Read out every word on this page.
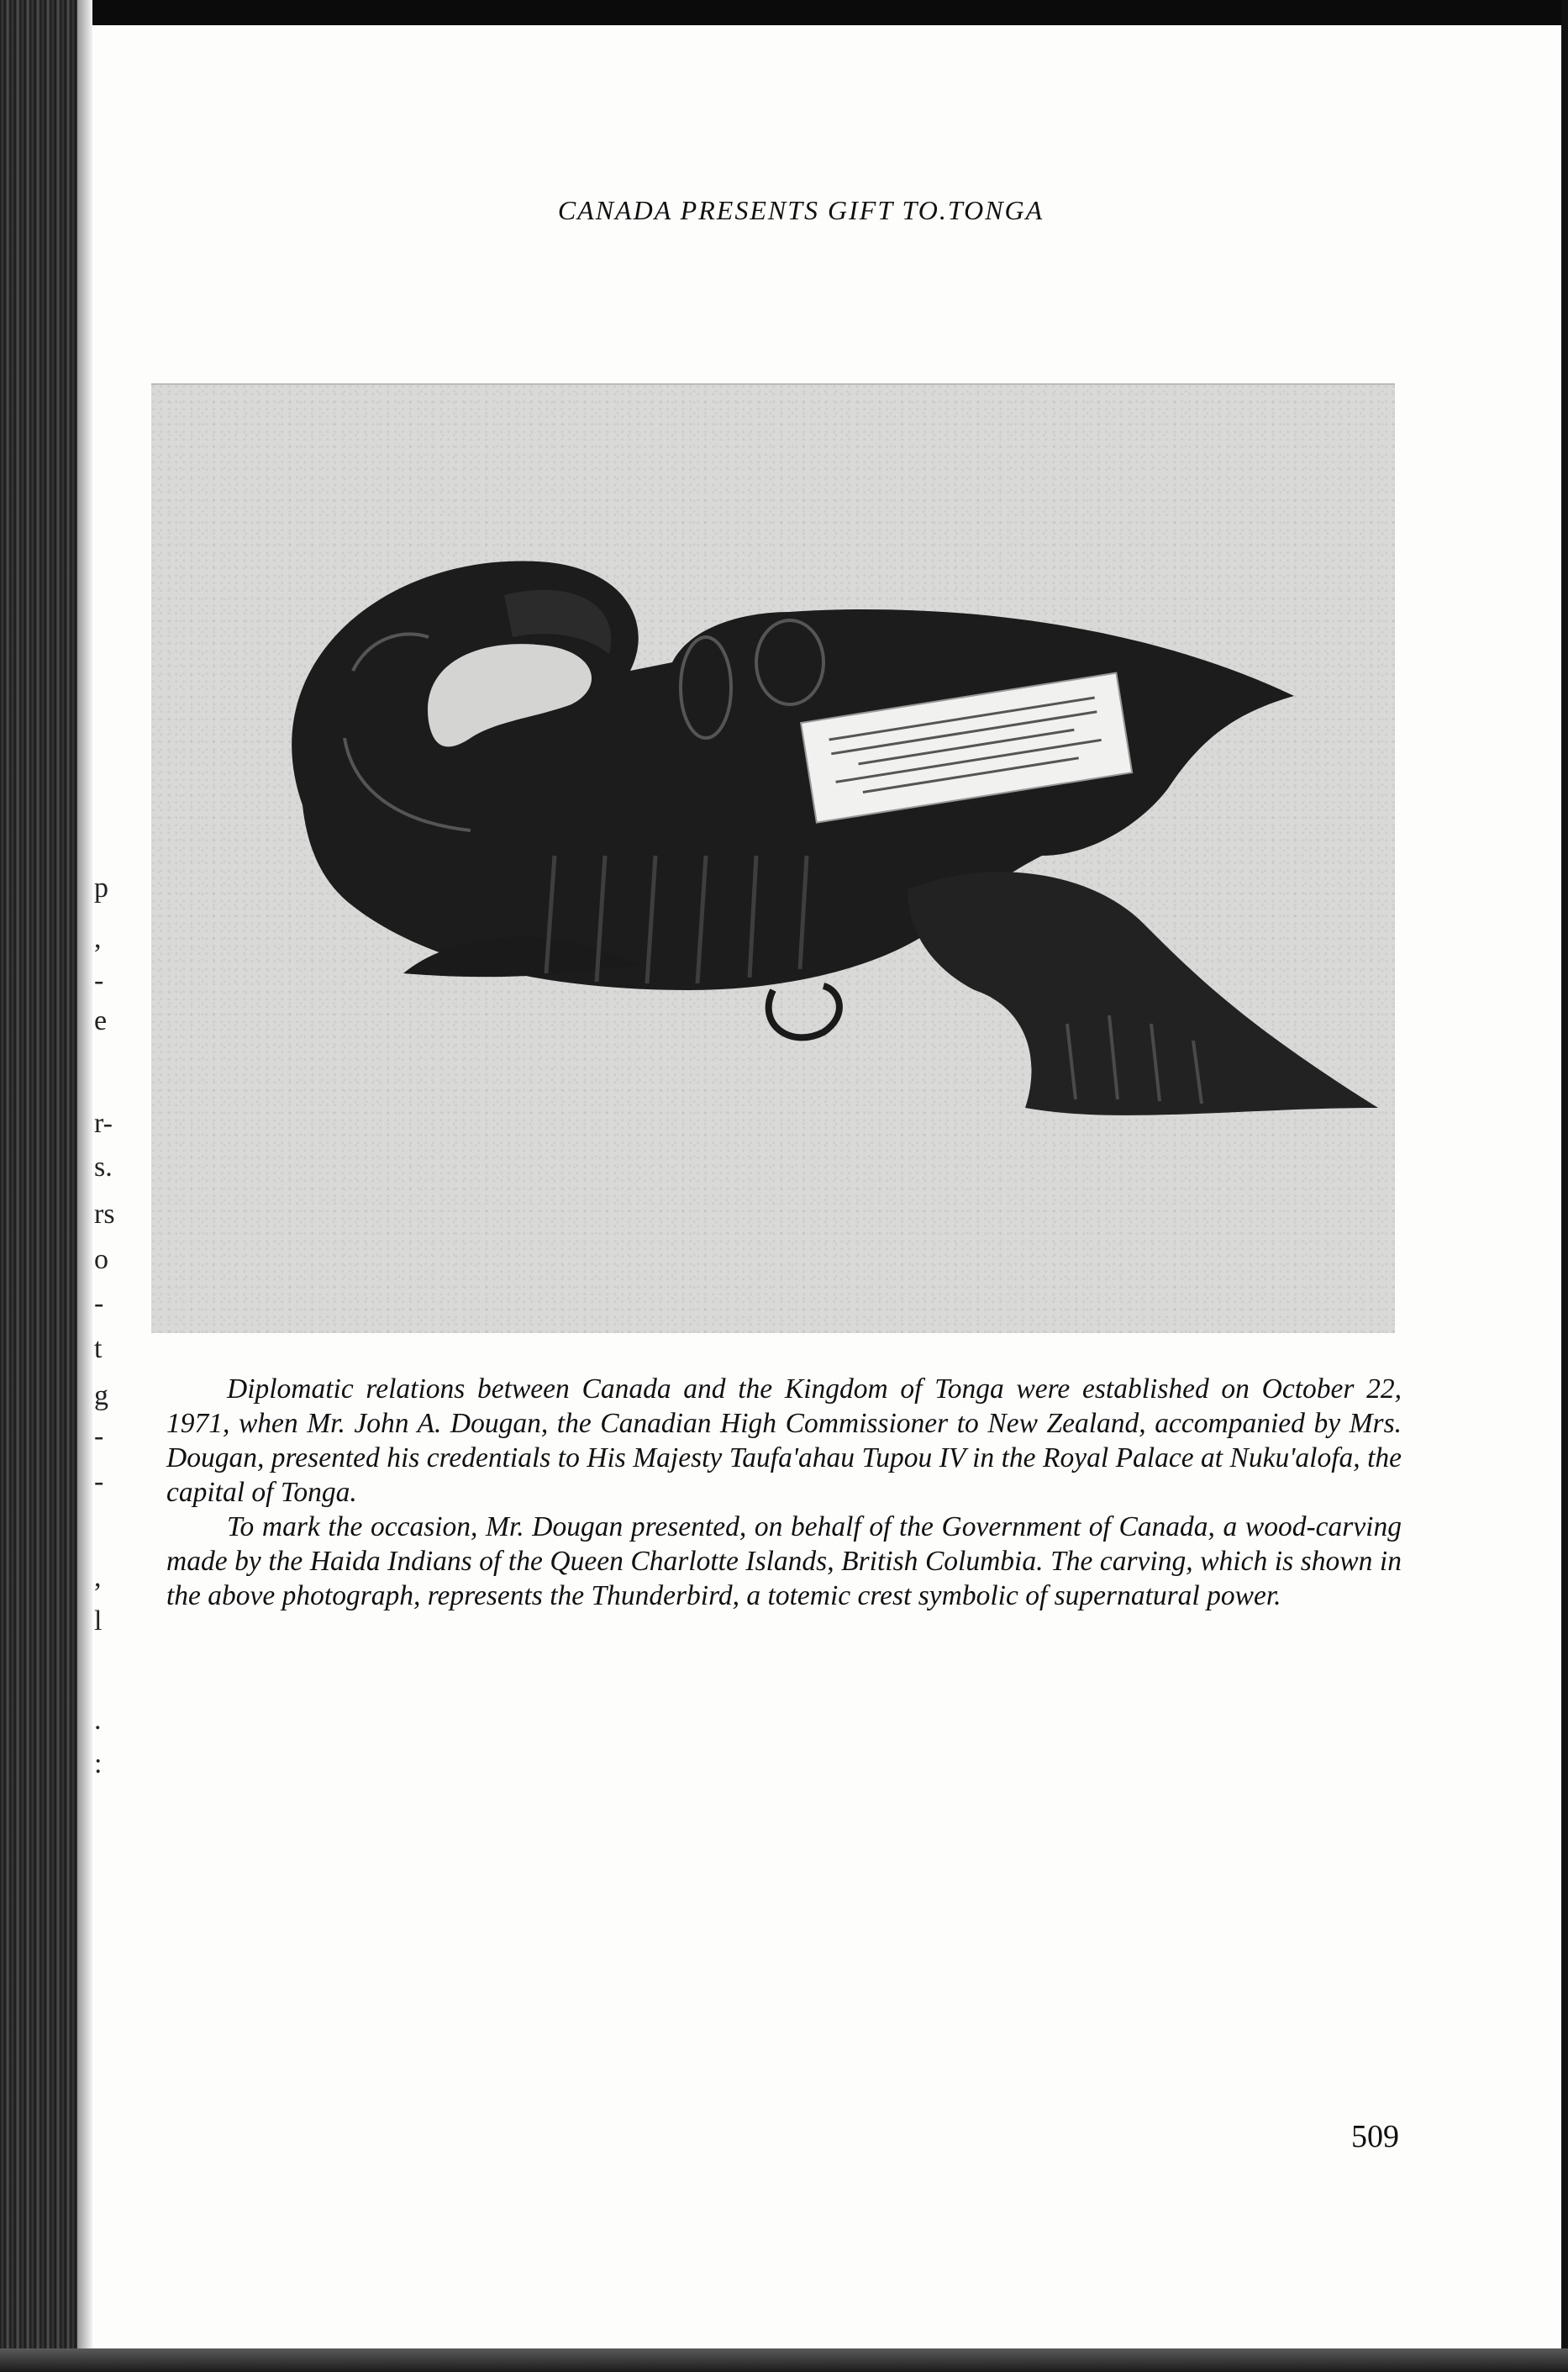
p
,
-
e
r-
s.
rs
o
-
t
g
-
-
,
l
.
:
CANADA PRESENTS GIFT TO.TONGA

Diplomatic relations between Canada and the Kingdom of Tonga were established on October 22, 1971, when Mr. John A. Dougan, the Canadian High Commissioner to New Zealand, accompanied by Mrs. Dougan, presented his credentials to His Majesty Taufa'ahau Tupou IV in the Royal Palace at Nuku'alofa, the capital of Tonga.

To mark the occasion, Mr. Dougan presented, on behalf of the Government of Canada, a wood-carving made by the Haida Indians of the Queen Charlotte Islands, British Columbia. The carving, which is shown in the above photograph, represents the Thunderbird, a totemic crest symbolic of supernatural power.

509
